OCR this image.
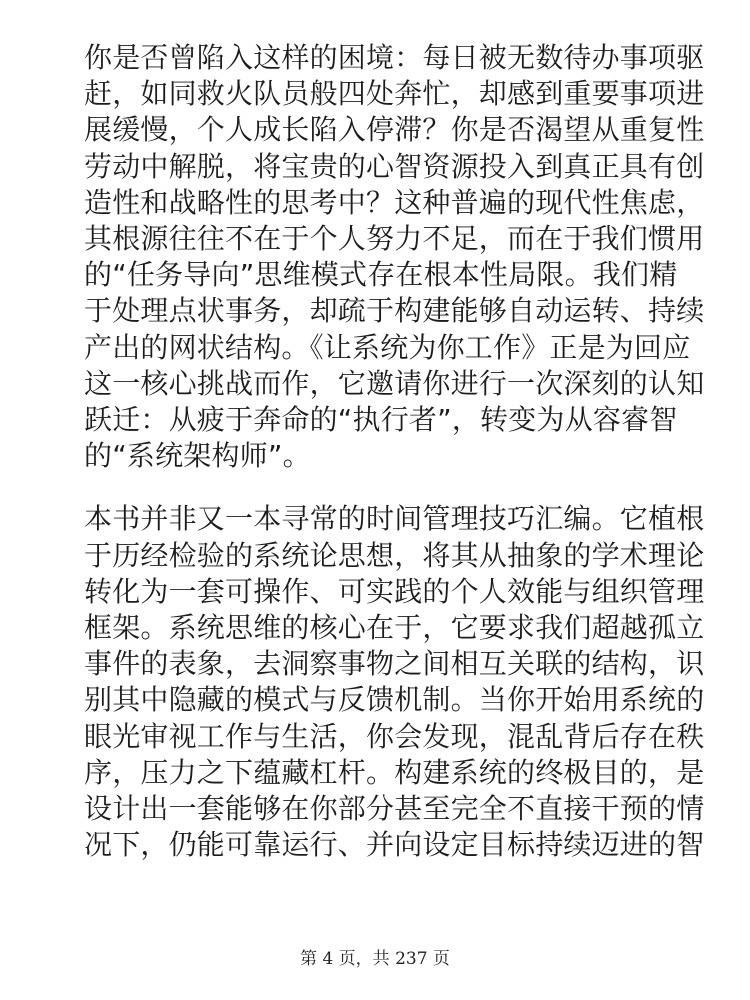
你是否曾陷入这样的困境：每日被无数待办事项驱
赶，如同救火队员般四处奔忙，却感到重要事项进
展缓慢，个人成长陷入停滞？你是否渴望从重复性
劳动中解脱，将宝贵的心智资源投入到真正具有创
造性和战略性的思考中？这种普遍的现代性焦虑，
其根源往往不在于个人努力不足，而在于我们惯用
的“任务导向”思维模式存在根本性局限。我们精
于处理点状事务，却疏于构建能够自动运转、持续
产出的网状结构。《让系统为你工作》正是为回应
这一核心挑战而作，它邀请你进行一次深刻的认知
跃迁：从疲于奔命的“执行者”，转变为从容睿智
的“系统架构师”。
本书并非又一本寻常的时间管理技巧汇编。它植根
于历经检验的系统论思想，将其从抽象的学术理论
转化为一套可操作、可实践的个人效能与组织管理
框架。系统思维的核心在于，它要求我们超越孤立
事件的表象，去洞察事物之间相互关联的结构，识
别其中隐藏的模式与反馈机制。当你开始用系统的
眼光审视工作与生活，你会发现，混乱背后存在秩
序，压力之下蕴藏杠杆。构建系统的终极目的，是
设计出一套能够在你部分甚至完全不直接干预的情
况下，仍能可靠运行、并向设定目标持续迈进的智
第 4 页，共 237 页
